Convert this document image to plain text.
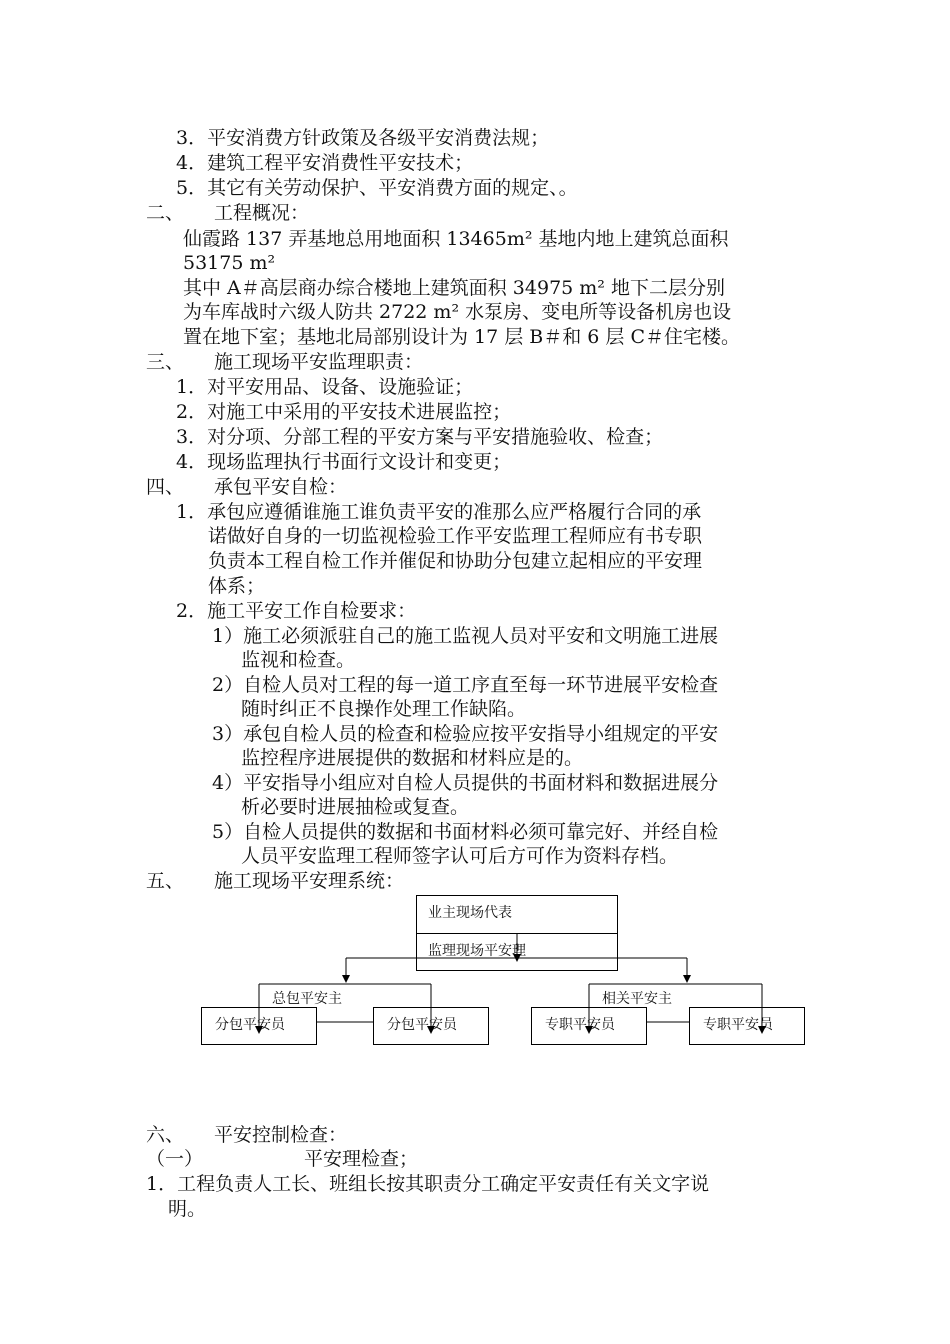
3．平安消费方针政策及各级平安消费法规；
4．建筑工程平安消费性平安技术；
5．其它有关劳动保护、平安消费方面的规定、。
二、 工程概况：
仙霞路 137 弄基地总用地面积 13465m² 基地内地上建筑总面积
53175 m²
其中 A＃高层商办综合楼地上建筑面积 34975 m² 地下二层分别
为车库战时六级人防共 2722 m² 水泵房、变电所等设备机房也设
置在地下室；基地北局部别设计为 17 层 B＃和 6 层 C＃住宅楼。
三、 施工现场平安监理职责：
1．对平安用品、设备、设施验证；
2．对施工中采用的平安技术进展监控；
3．对分项、分部工程的平安方案与平安措施验收、检查；
4．现场监理执行书面行文设计和变更；
四、 承包平安自检：
1．承包应遵循谁施工谁负责平安的准那么应严格履行合同的承
诺做好自身的一切监视检验工作平安监理工程师应有书专职
负责本工程自检工作并催促和协助分包建立起相应的平安理
体系；
2．施工平安工作自检要求：
1）施工必须派驻自己的施工监视人员对平安和文明施工进展
监视和检查。
2）自检人员对工程的每一道工序直至每一环节进展平安检查
随时纠正不良操作处理工作缺陷。
3）承包自检人员的检查和检验应按平安指导小组规定的平安
监控程序进展提供的数据和材料应是的。
4）平安指导小组应对自检人员提供的书面材料和数据进展分
析必要时进展抽检或复查。
5）自检人员提供的数据和书面材料必须可靠完好、并经自检
人员平安监理工程师签字认可后方可作为资料存档。
五、 施工现场平安理系统：
业主现场代表
监理现场平安理
分包平安员	分包平安员	专职平安员	专职平安员
总包平安主	相关平安主
六、 平安控制检查：
（一）	平安理检查；
1．工程负责人工长、班组长按其职责分工确定平安责任有关文字说
明。
